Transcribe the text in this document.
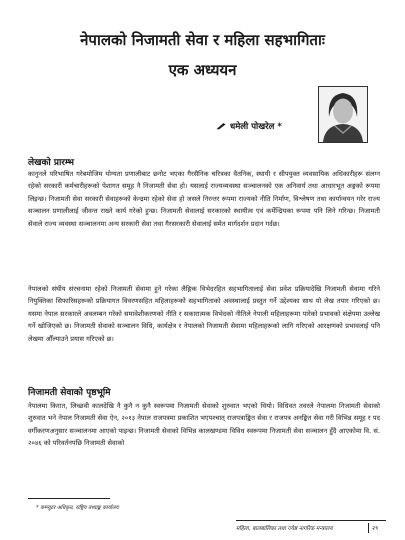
नेपालको निजामती सेवा र महिला सहभागिताः
एक अध्ययन
धमेली पोखरेल *
लेखको प्रारम्भ
कानुनले परिभाषित गरेबमोजिम योग्यता प्रणालीबाट छनोट भएका गैरसैनिक चरित्रका वैतनिक, स्थायी र सीपयुक्त व्यवसायिक अधिकारीहरू संलग्न रहेको सरकारी कर्मचारीहरूको पेशागत समूह नै निजामती सेवा हो। यसलाई राज्यव्यवस्था सञ्चालनको एक अनिवार्य तथा आधारभूत अङ्गको रूपमा लिइन्छ। निजामती सेवा सरकारी सेवाहरूको केन्द्रमा रहेको सेवा हो जसले निरन्तर रूपमा राज्यको नीति निर्माण, विश्लेषण तथा कार्यान्वयन गरेर राज्य सञ्चालन प्रणालीलाई जीवन्त राख्ने कार्य गरेको हुन्छ। निजामती सेवालाई सरकारको स्थायीत्व एवं कर्मेन्द्रियका रूपमा पनि लिने गरिन्छ। निजामती सेवाले राज्य व्यवस्था सञ्चालनमा अन्य सरकारी सेवा तथा गैरसरकारी सेवालाई समेत मार्गदर्शन प्रदान गर्दछ।
नेपालको संघीय संरचनामा रहेको निजामती सेवामा हुने गरेका लैङ्गिक विभेदरहित सहभागितालाई सेवा प्रवेश प्रक्रियादेखि निजामती सेवामा गरिने नियुक्तिका सिफारिसहरूको प्रक्रियागत विवरणसहित महिलाहरूको सहभागिताको अवस्थालाई प्रस्तुत गर्ने उद्देश्यका साथ यो लेख तयार गरिएको छ। यसमा नेपाल सरकारले अवलम्बन गरेको समावेशीकरणको नीति र सकारात्मक विभेदको नीतिले नेपाली महिलाहरूमा पारेको प्रभावको संक्षेपमा उल्लेख गर्ने खोजिएको छ। निजामती सेवाको सञ्चालन विधि, कार्यक्षेत्र र नेपालको निजामती सेवामा महिलाहरूको लागि गरिएको आरक्षणको प्रभावलाई पनि लेखमा औँल्याउने प्रयास गरिएको छ।
निजामती सेवाको पृष्ठभूमि
नेपालमा किरात, लिच्छवी कालदेखि नै कुनै न कुनै स्वरूपमा निजामती सेवाको शुरुवात भएको थियो। विधिवत तवरले नेपालमा निजामती सेवाको शुरुवात भने नेपाल निजामती सेवा ऐन, २०१३ नेपाल राजपत्रमा प्रकाशित भएपश्चात् राजपत्राङ्कित सेवा र राजपत्र अनङ्कित सेवा गरी विभिन्न समूह र पद वर्गीकरणअनुसार सञ्चालनमा आएको पाइन्छ। निजामती सेवाको विभिन्न कालखण्डमा विविध स्वरूपमा निजामती सेवा सञ्चालन हुँदै आएकोमा वि. सं. २०४६ को परिवर्तनपछि निजामती सेवाको
* कम्प्युटर अधिकृत, राष्ट्रिय तथ्याङ्क कार्यालय
महिला, बालबालिका तथा ज्येष्ठ नागरिक मन्त्रालय	२९
